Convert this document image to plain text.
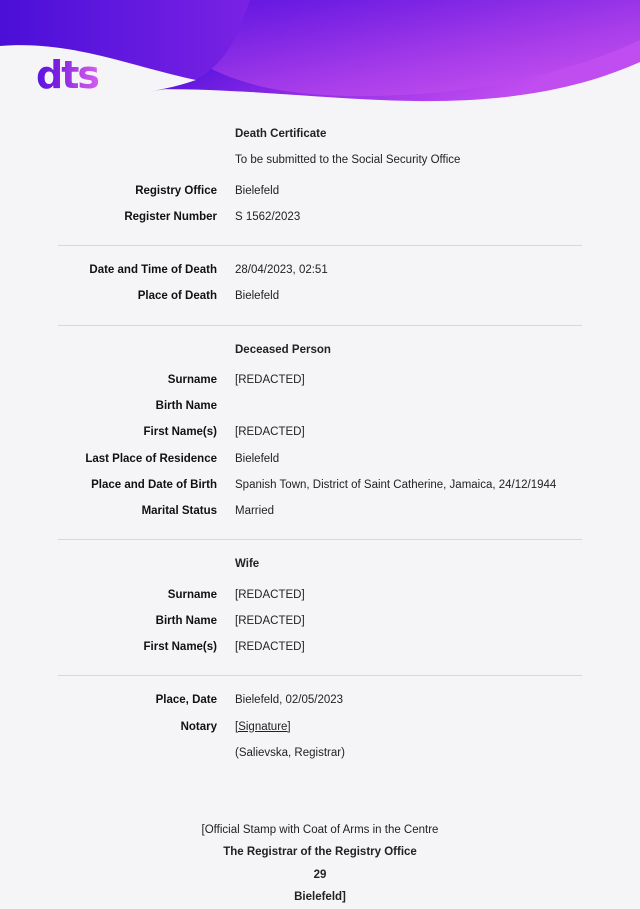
dts
Death Certificate
To be submitted to the Social Security Office
Registry Office	Bielefeld
Register Number	S 1562/2023
Date and Time of Death	28/04/2023, 02:51
Place of Death	Bielefeld
Deceased Person
Surname	[REDACTED]
Birth Name
First Name(s)	[REDACTED]
Last Place of Residence	Bielefeld
Place and Date of Birth	Spanish Town, District of Saint Catherine, Jamaica, 24/12/1944
Marital Status	Married
Wife
Surname	[REDACTED]
Birth Name	[REDACTED]
First Name(s)	[REDACTED]
Place, Date	Bielefeld, 02/05/2023
Notary	[Signature]
(Salievska, Registrar)
[Official Stamp with Coat of Arms in the Centre
The Registrar of the Registry Office
29
Bielefeld]
